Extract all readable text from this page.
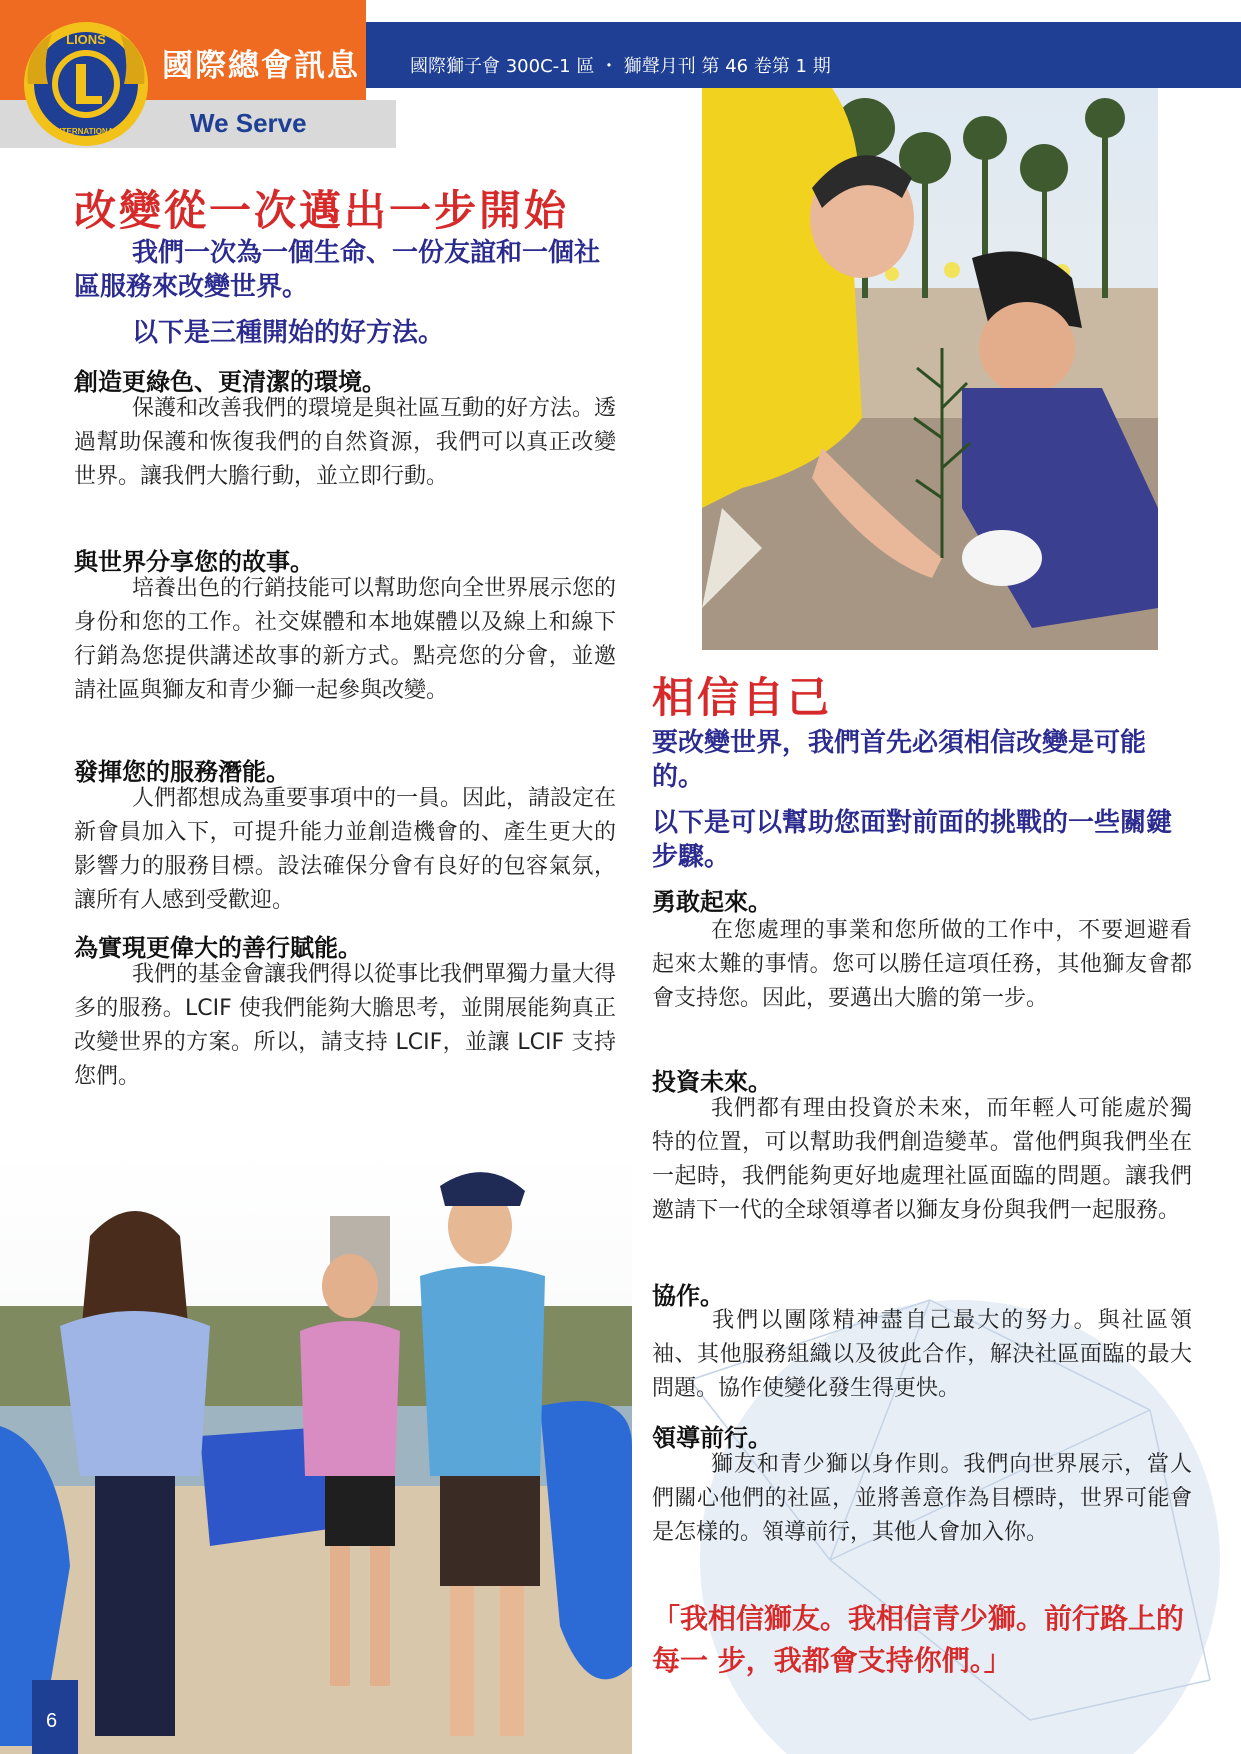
LIONS
INTERNATIONAL
國際總會訊息
We Serve
國際獅子會 300C-1 區 ・ 獅聲月刊 第 46 卷第 1 期
改變從一次邁出一步開始
我們一次為一個生命、一份友誼和一個社區服務來改變世界。
以下是三種開始的好方法。
創造更綠色、更清潔的環境。
保護和改善我們的環境是與社區互動的好方法。透過幫助保護和恢復我們的自然資源，我們可以真正改變世界。讓我們大膽行動，並立即行動。
與世界分享您的故事。
培養出色的行銷技能可以幫助您向全世界展示您的身份和您的工作。社交媒體和本地媒體以及線上和線下行銷為您提供講述故事的新方式。點亮您的分會，並邀請社區與獅友和青少獅一起參與改變。
發揮您的服務潛能。
人們都想成為重要事項中的一員。因此，請設定在新會員加入下，可提升能力並創造機會的、產生更大的影響力的服務目標。設法確保分會有良好的包容氣氛，讓所有人感到受歡迎。
為實現更偉大的善行賦能。
我們的基金會讓我們得以從事比我們單獨力量大得多的服務。LCIF 使我們能夠大膽思考，並開展能夠真正改變世界的方案。所以，請支持 LCIF，並讓 LCIF 支持您們。
相信自己
要改變世界，我們首先必須相信改變是可能的。
以下是可以幫助您面對前面的挑戰的一些關鍵步驟。
勇敢起來。
在您處理的事業和您所做的工作中，不要迴避看起來太難的事情。您可以勝任這項任務，其他獅友會都會支持您。因此，要邁出大膽的第一步。
投資未來。
我們都有理由投資於未來，而年輕人可能處於獨特的位置，可以幫助我們創造變革。當他們與我們坐在一起時，我們能夠更好地處理社區面臨的問題。讓我們邀請下一代的全球領導者以獅友身份與我們一起服務。
協作。
我們以團隊精神盡自己最大的努力。與社區領袖、其他服務組織以及彼此合作，解決社區面臨的最大問題。協作使變化發生得更快。
領導前行。
獅友和青少獅以身作則。我們向世界展示，當人們關心他們的社區，並將善意作為目標時，世界可能會是怎樣的。領導前行，其他人會加入你。
「我相信獅友。我相信青少獅。前行路上的每一 步，我都會支持你們。」
6
